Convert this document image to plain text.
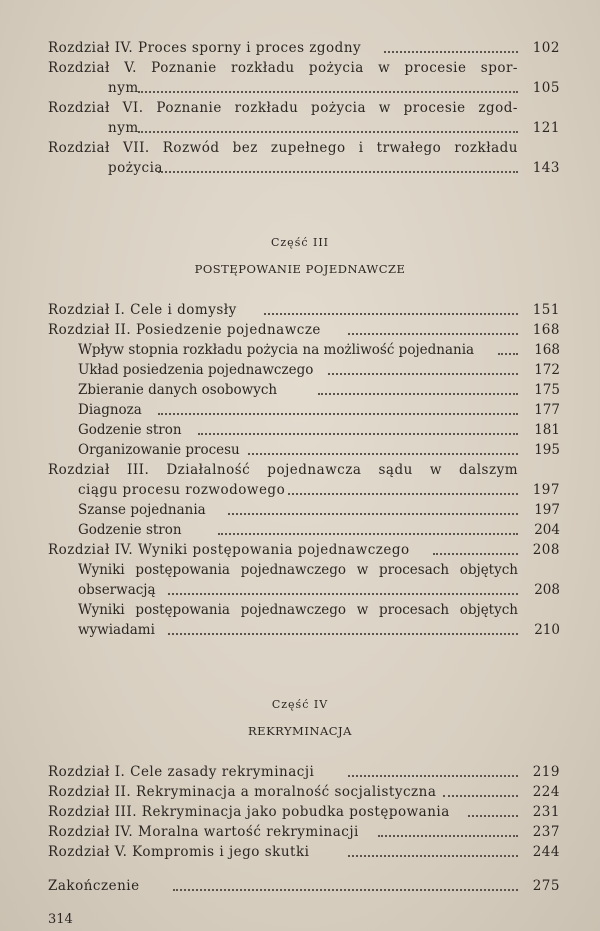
Rozdział IV. Proces sporny i proces zgodny	102
Rozdział V. Poznanie rozkładu pożycia w procesie spor-
nym	105
Rozdział VI. Poznanie rozkładu pożycia w procesie zgod-
nym	121
Rozdział VII. Rozwód bez zupełnego i trwałego rozkładu
pożycia	143
Część III
POSTĘPOWANIE POJEDNAWCZE
Rozdział I. Cele i domysły	151
Rozdział II. Posiedzenie pojednawcze	168
Wpływ stopnia rozkładu pożycia na możliwość pojednania	168
Układ posiedzenia pojednawczego	172
Zbieranie danych osobowych	175
Diagnoza	177
Godzenie stron	181
Organizowanie procesu	195
Rozdział III. Działalność pojednawcza sądu w dalszym
ciągu procesu rozwodowego	197
Szanse pojednania	197
Godzenie stron	204
Rozdział IV. Wyniki postępowania pojednawczego	208
Wyniki postępowania pojednawczego w procesach objętych
obserwacją	208
Wyniki postępowania pojednawczego w procesach objętych
wywiadami	210
Część IV
REKRYMINACJA
Rozdział I. Cele zasady rekryminacji	219
Rozdział II. Rekryminacja a moralność socjalistyczna	224
Rozdział III. Rekryminacja jako pobudka postępowania	231
Rozdział IV. Moralna wartość rekryminacji	237
Rozdział V. Kompromis i jego skutki	244
Zakończenie	275
314
